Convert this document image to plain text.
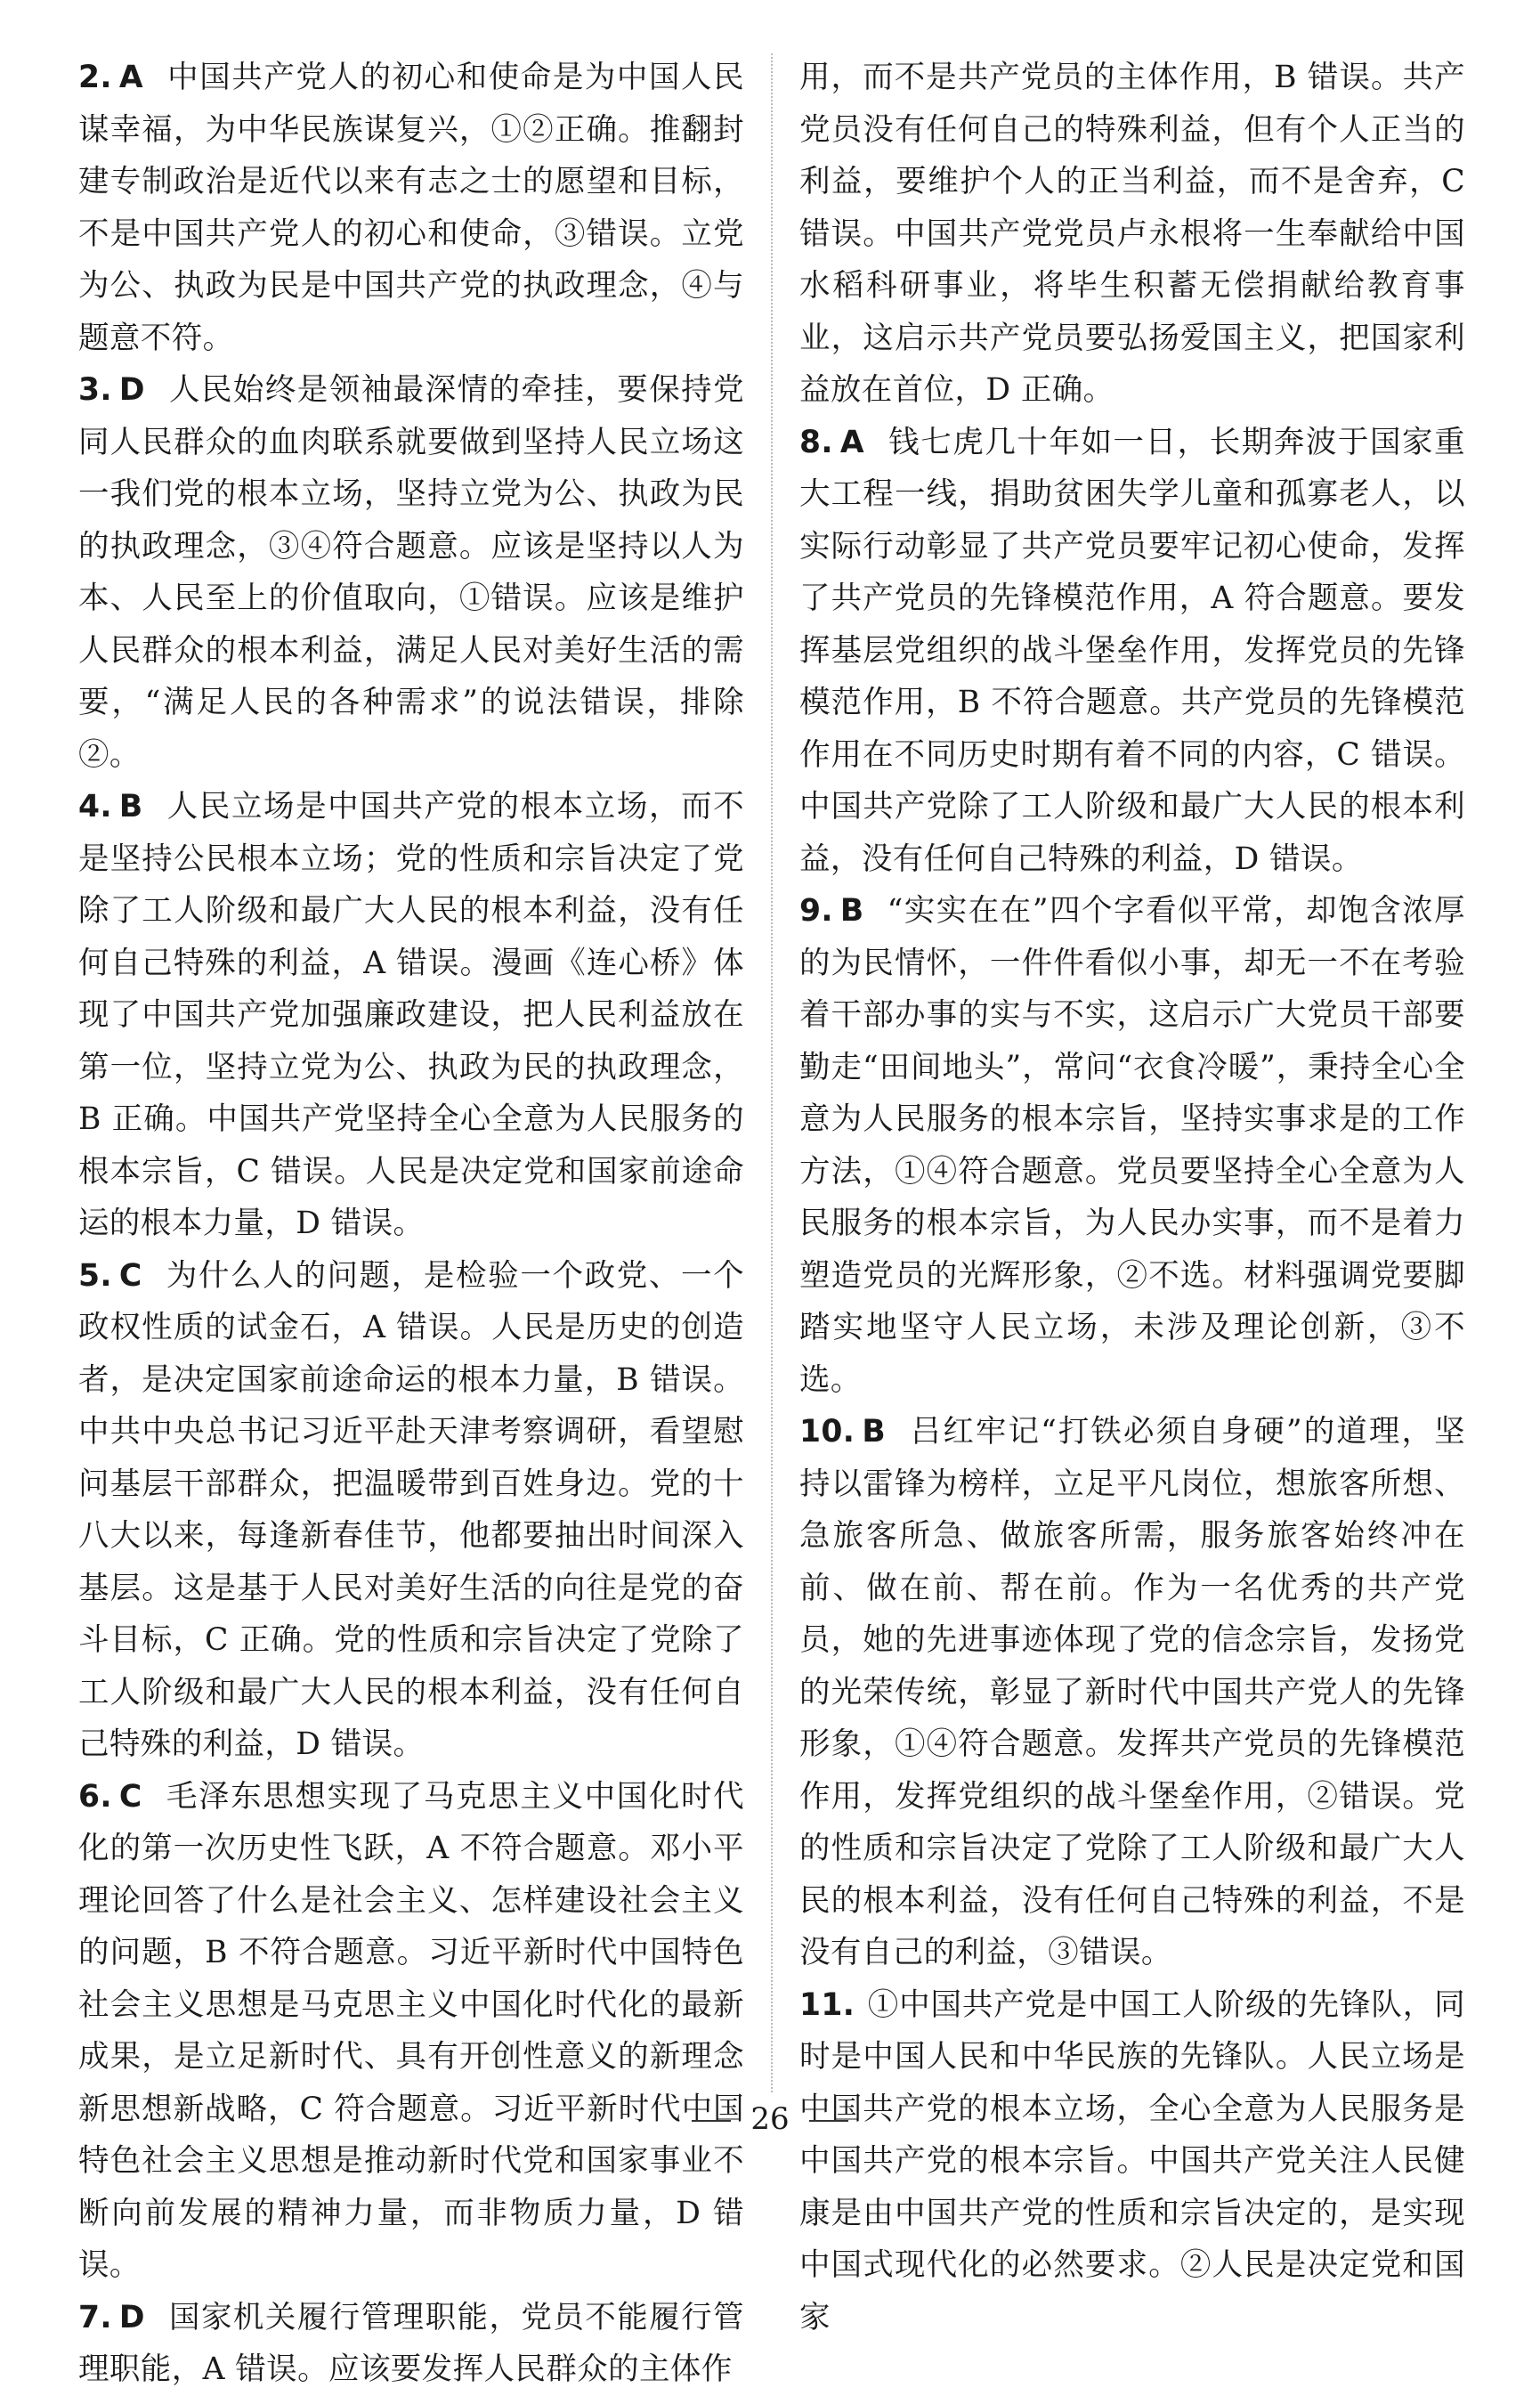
2. A 中国共产党人的初心和使命是为中国人民谋幸福，为中华民族谋复兴，①②正确。推翻封建专制政治是近代以来有志之士的愿望和目标，不是中国共产党人的初心和使命，③错误。立党为公、执政为民是中国共产党的执政理念，④与题意不符。

3. D 人民始终是领袖最深情的牵挂，要保持党同人民群众的血肉联系就要做到坚持人民立场这一我们党的根本立场，坚持立党为公、执政为民的执政理念，③④符合题意。应该是坚持以人为本、人民至上的价值取向，①错误。应该是维护人民群众的根本利益，满足人民对美好生活的需要，“满足人民的各种需求”的说法错误，排除②。

4. B 人民立场是中国共产党的根本立场，而不是坚持公民根本立场；党的性质和宗旨决定了党除了工人阶级和最广大人民的根本利益，没有任何自己特殊的利益，A 错误。漫画《连心桥》体现了中国共产党加强廉政建设，把人民利益放在第一位，坚持立党为公、执政为民的执政理念，B 正确。中国共产党坚持全心全意为人民服务的根本宗旨，C 错误。人民是决定党和国家前途命运的根本力量，D 错误。

5. C 为什么人的问题，是检验一个政党、一个政权性质的试金石，A 错误。人民是历史的创造者，是决定国家前途命运的根本力量，B 错误。中共中央总书记习近平赴天津考察调研，看望慰问基层干部群众，把温暖带到百姓身边。党的十八大以来，每逢新春佳节，他都要抽出时间深入基层。这是基于人民对美好生活的向往是党的奋斗目标，C 正确。党的性质和宗旨决定了党除了工人阶级和最广大人民的根本利益，没有任何自己特殊的利益，D 错误。

6. C 毛泽东思想实现了马克思主义中国化时代化的第一次历史性飞跃，A 不符合题意。邓小平理论回答了什么是社会主义、怎样建设社会主义的问题，B 不符合题意。习近平新时代中国特色社会主义思想是马克思主义中国化时代化的最新成果，是立足新时代、具有开创性意义的新理念新思想新战略，C 符合题意。习近平新时代中国特色社会主义思想是推动新时代党和国家事业不断向前发展的精神力量，而非物质力量，D 错误。

7. D 国家机关履行管理职能，党员不能履行管理职能，A 错误。应该要发挥人民群众的主体作

用，而不是共产党员的主体作用，B 错误。共产党员没有任何自己的特殊利益，但有个人正当的利益，要维护个人的正当利益，而不是舍弃，C 错误。中国共产党党员卢永根将一生奉献给中国水稻科研事业，将毕生积蓄无偿捐献给教育事业，这启示共产党员要弘扬爱国主义，把国家利益放在首位，D 正确。

8. A 钱七虎几十年如一日，长期奔波于国家重大工程一线，捐助贫困失学儿童和孤寡老人，以实际行动彰显了共产党员要牢记初心使命，发挥了共产党员的先锋模范作用，A 符合题意。要发挥基层党组织的战斗堡垒作用，发挥党员的先锋模范作用，B 不符合题意。共产党员的先锋模范作用在不同历史时期有着不同的内容，C 错误。中国共产党除了工人阶级和最广大人民的根本利益，没有任何自己特殊的利益，D 错误。

9. B “实实在在”四个字看似平常，却饱含浓厚的为民情怀，一件件看似小事，却无一不在考验着干部办事的实与不实，这启示广大党员干部要勤走“田间地头”，常问“衣食冷暖”，秉持全心全意为人民服务的根本宗旨，坚持实事求是的工作方法，①④符合题意。党员要坚持全心全意为人民服务的根本宗旨，为人民办实事，而不是着力塑造党员的光辉形象，②不选。材料强调党要脚踏实地坚守人民立场，未涉及理论创新，③不选。

10. B 吕红牢记“打铁必须自身硬”的道理，坚持以雷锋为榜样，立足平凡岗位，想旅客所想、急旅客所急、做旅客所需，服务旅客始终冲在前、做在前、帮在前。作为一名优秀的共产党员，她的先进事迹体现了党的信念宗旨，发扬党的光荣传统，彰显了新时代中国共产党人的先锋形象，①④符合题意。发挥共产党员的先锋模范作用，发挥党组织的战斗堡垒作用，②错误。党的性质和宗旨决定了党除了工人阶级和最广大人民的根本利益，没有任何自己特殊的利益，不是没有自己的利益，③错误。

11. ①中国共产党是中国工人阶级的先锋队，同时是中国人民和中华民族的先锋队。人民立场是中国共产党的根本立场，全心全意为人民服务是中国共产党的根本宗旨。中国共产党关注人民健康是由中国共产党的性质和宗旨决定的，是实现中国式现代化的必然要求。②人民是决定党和国家

26
